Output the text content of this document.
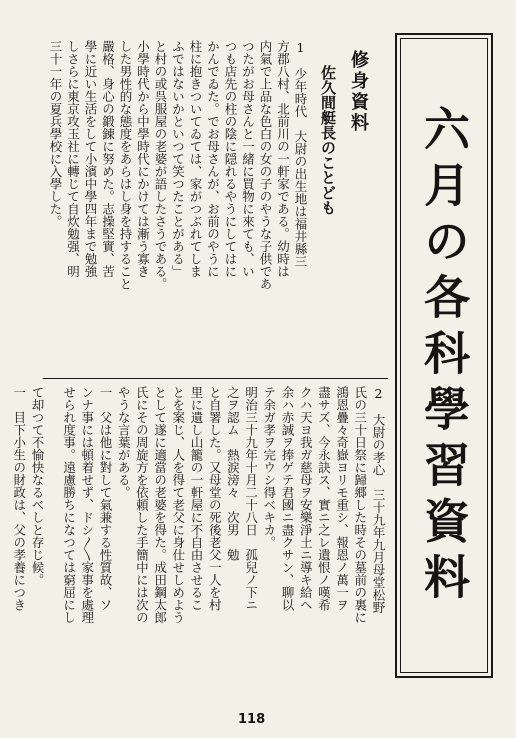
六月の各科學習資料
修身資料
佐久間艇長のことども
1　少年時代　大尉の出生地は福井縣三
方郡八村、北前川の一軒家である。幼時は
内氣で上品な色白の女の子のやうな子供であ
つたがお母さんと一緒に買物に來ても、い
つも店先の柱の陰に隠れるやうにしてはに
かんでゐた。でお母さんが、お前のやうに
柱に抱きついてゐては、家がつぶれてしま
ふではないかといつて笑つたことがある」
と村の或呉服屋の老婆が語したさうである。
小學時代から中學時代にかけては漸う寡き
した男性的な態度をあらはし身を持すること
嚴格、身心の鍛錬に努めた。志操堅實、苦
學に近い生活をして小濱中學四年まで勉強
しさらに東京攻玉社に轉じて自炊勉强、明
三十一年の夏兵學校に入學した。
2　大尉の孝心　三十九年九月母堂松野
氏の三十日祭に歸郷した時その墓前の裏に
鴻恩疊々奇嶽ヨリモ重シ、報恩ノ萬一ヲ
盡サズ、今永訣ス、實ニ之レ遺恨ノ嘆希
クハ天ヨ我ガ慈母ヲ安樂淨土ニ導キ給ヘ
余ハ赤誠ヲ捧ゲテ君國ニ盡クサン、聊以
テ余ガ孝ヲ完ウシ得ベキカ。
明治三十九年十月二十八日　孤兒ノ下ニ
之ヲ認ム　熱涙滂々　次男　勉
と自署した。又母堂の死後老父一人を村
里に遺し山籠の一軒屋に不自由させるこ
とを案じ、人を得て老父に身仕せしめよう
として遂に適當の老婆を得た。成田鋼太郎
氏にその周旋方を依頼した手簡中には次の
やうな言葉がある。
一　父は他に對して氣兼する性質故、ソ
ンナ事には頓着せず、ドシ〳〵家事を處理
せられ度事。遠慮勝ちになつては窮屈にし
て却つて不愉快なるべしと存じ候。
一　目下小生の財政は、父の孝養につき
118
